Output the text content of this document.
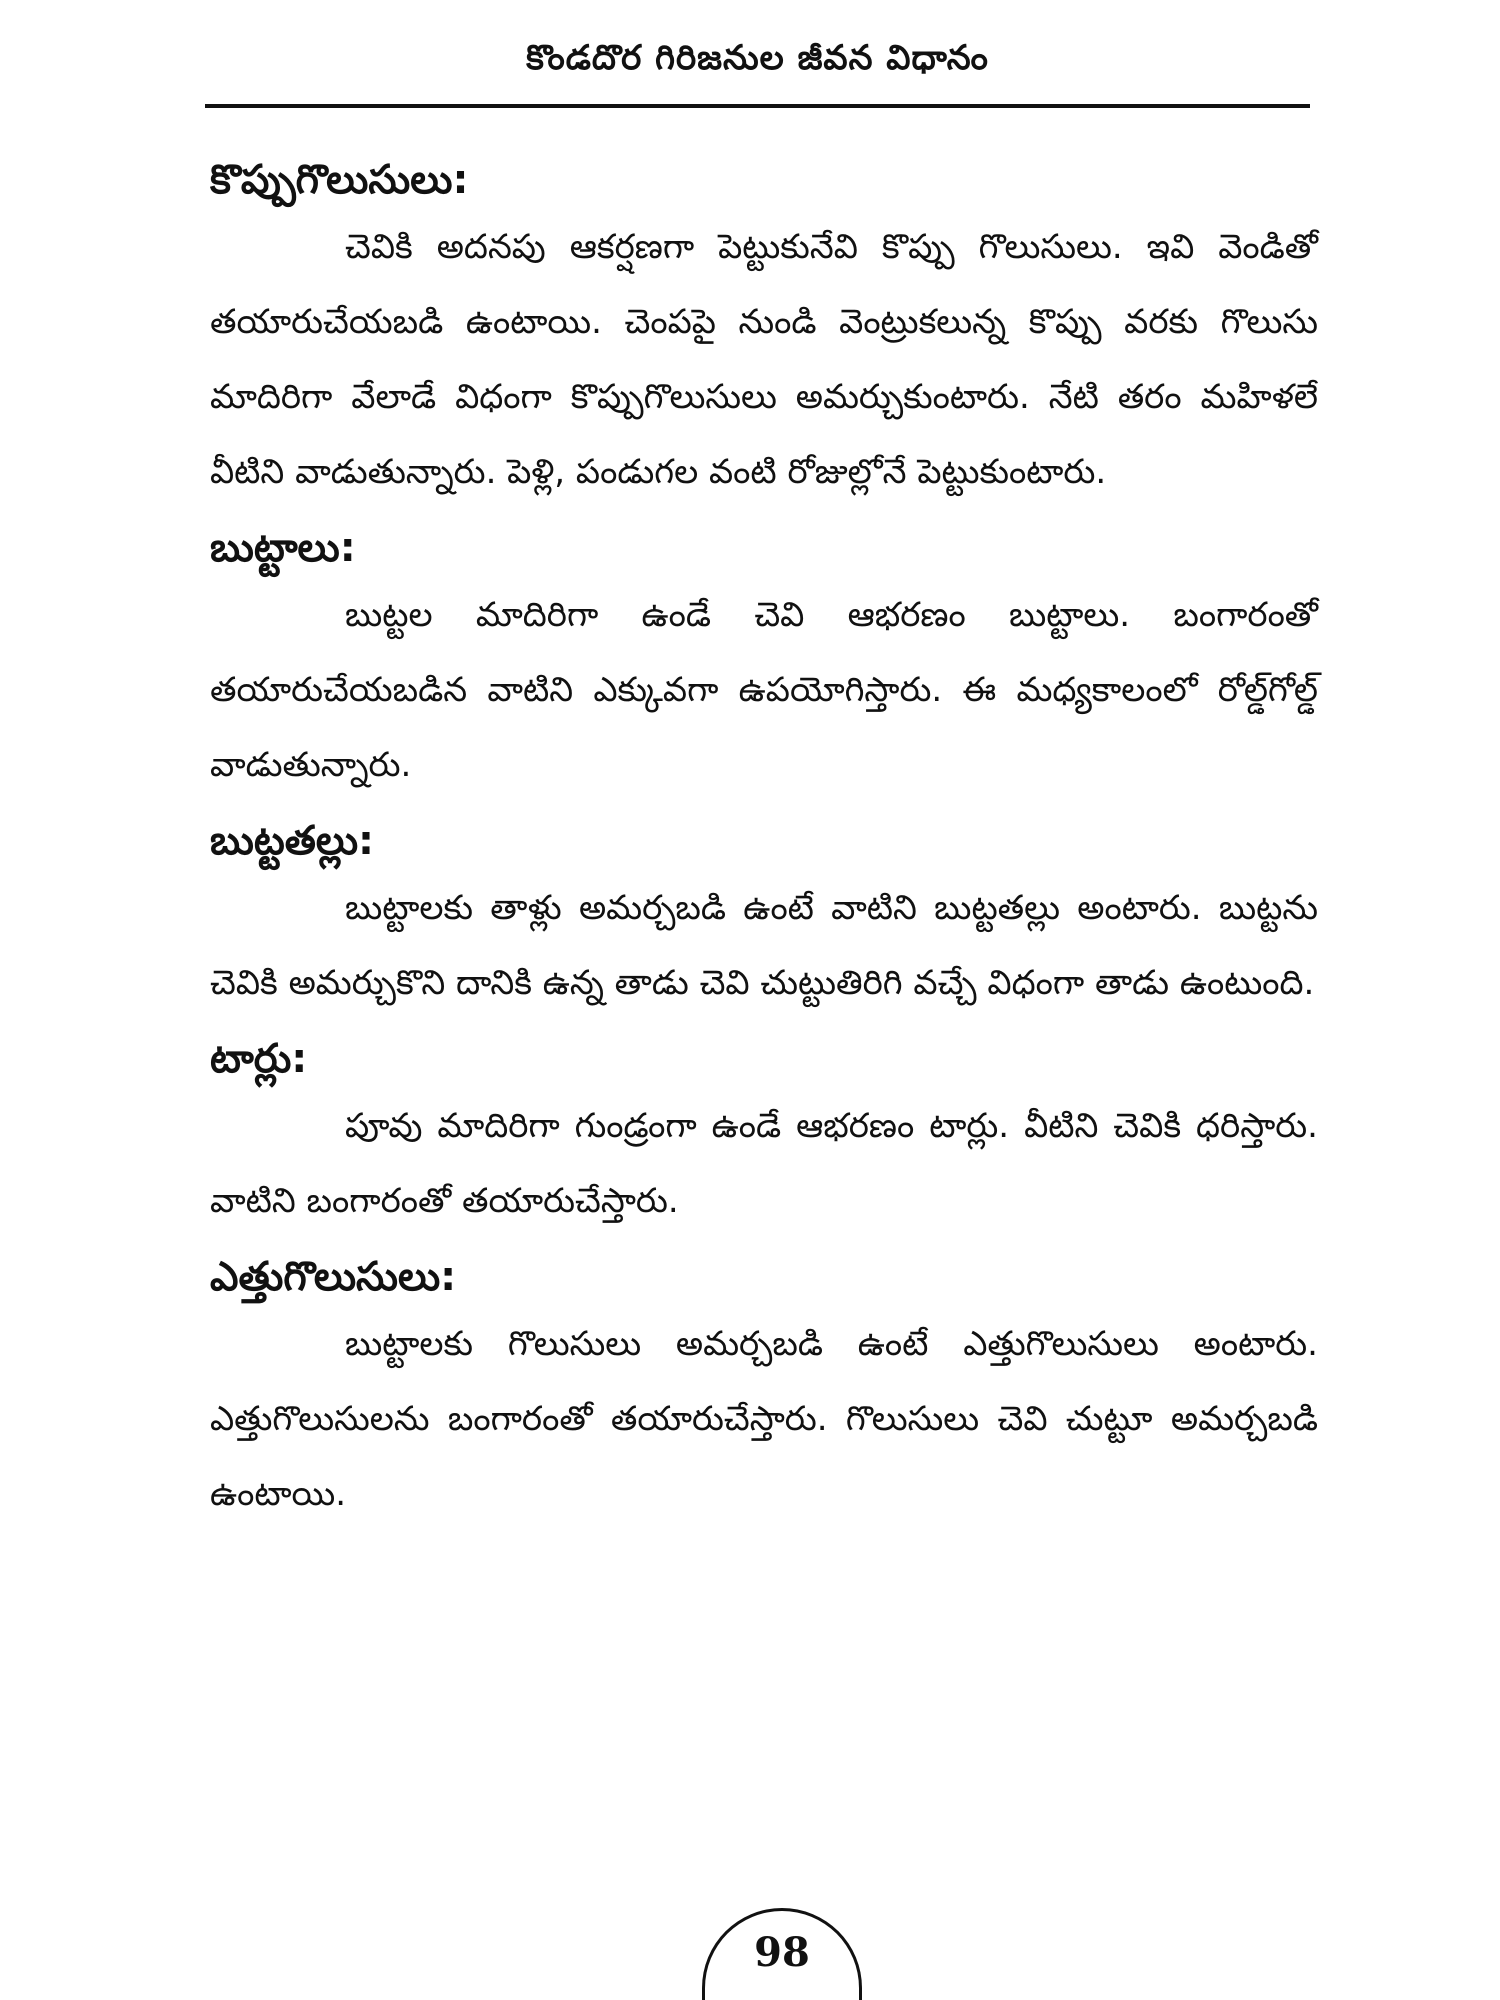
కొండదొర గిరిజనుల జీవన విధానం
కొప్పుగొలుసులు:

చెవికి అదనపు ఆకర్షణగా పెట్టుకునేవి కొప్పు గొలుసులు. ఇవి వెండితో తయారుచేయబడి ఉంటాయి. చెంపపై నుండి వెంట్రుకలున్న కొప్పు వరకు గొలుసు మాదిరిగా వేలాడే విధంగా కొప్పుగొలుసులు అమర్చుకుంటారు. నేటి తరం మహిళలే వీటిని వాడుతున్నారు. పెళ్లి, పండుగల వంటి రోజుల్లోనే పెట్టుకుంటారు.

బుట్టాలు:

బుట్టల మాదిరిగా ఉండే చెవి ఆభరణం బుట్టాలు. బంగారంతో తయారుచేయబడిన వాటిని ఎక్కువగా ఉపయోగిస్తారు. ఈ మధ్యకాలంలో రోల్డ్‌గోల్డ్ వాడుతున్నారు.

బుట్టతల్లు:

బుట్టాలకు తాళ్లు అమర్చబడి ఉంటే వాటిని బుట్టతల్లు అంటారు. బుట్టను చెవికి అమర్చుకొని దానికి ఉన్న తాడు చెవి చుట్టుతిరిగి వచ్చే విధంగా తాడు ఉంటుంది.

టార్లు:

పూవు మాదిరిగా గుండ్రంగా ఉండే ఆభరణం టార్లు. వీటిని చెవికి ధరిస్తారు. వాటిని బంగారంతో తయారుచేస్తారు.

ఎత్తుగొలుసులు:

బుట్టాలకు గొలుసులు అమర్చబడి ఉంటే ఎత్తుగొలుసులు అంటారు. ఎత్తుగొలుసులను బంగారంతో తయారుచేస్తారు. గొలుసులు చెవి చుట్టూ అమర్చబడి ఉంటాయి.

98
